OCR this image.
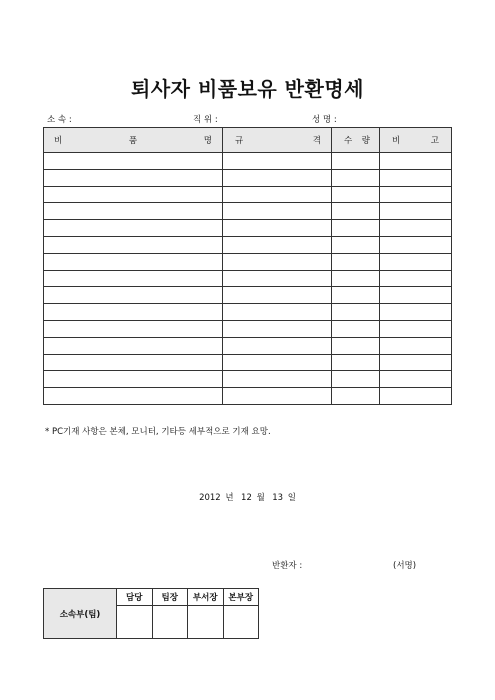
퇴사자 비품보유 반환명세
소 속 :	직 위 :	성 명 :
비 품 명	규 격	수 량	비 고

* PC기재 사항은 본체, 모니터, 기타등 세부적으로 기재 요망.
2012 년 12 월 13 일
반환자 :	(서명)
소속부(팀)	담당	팀장	부서장	본부장
